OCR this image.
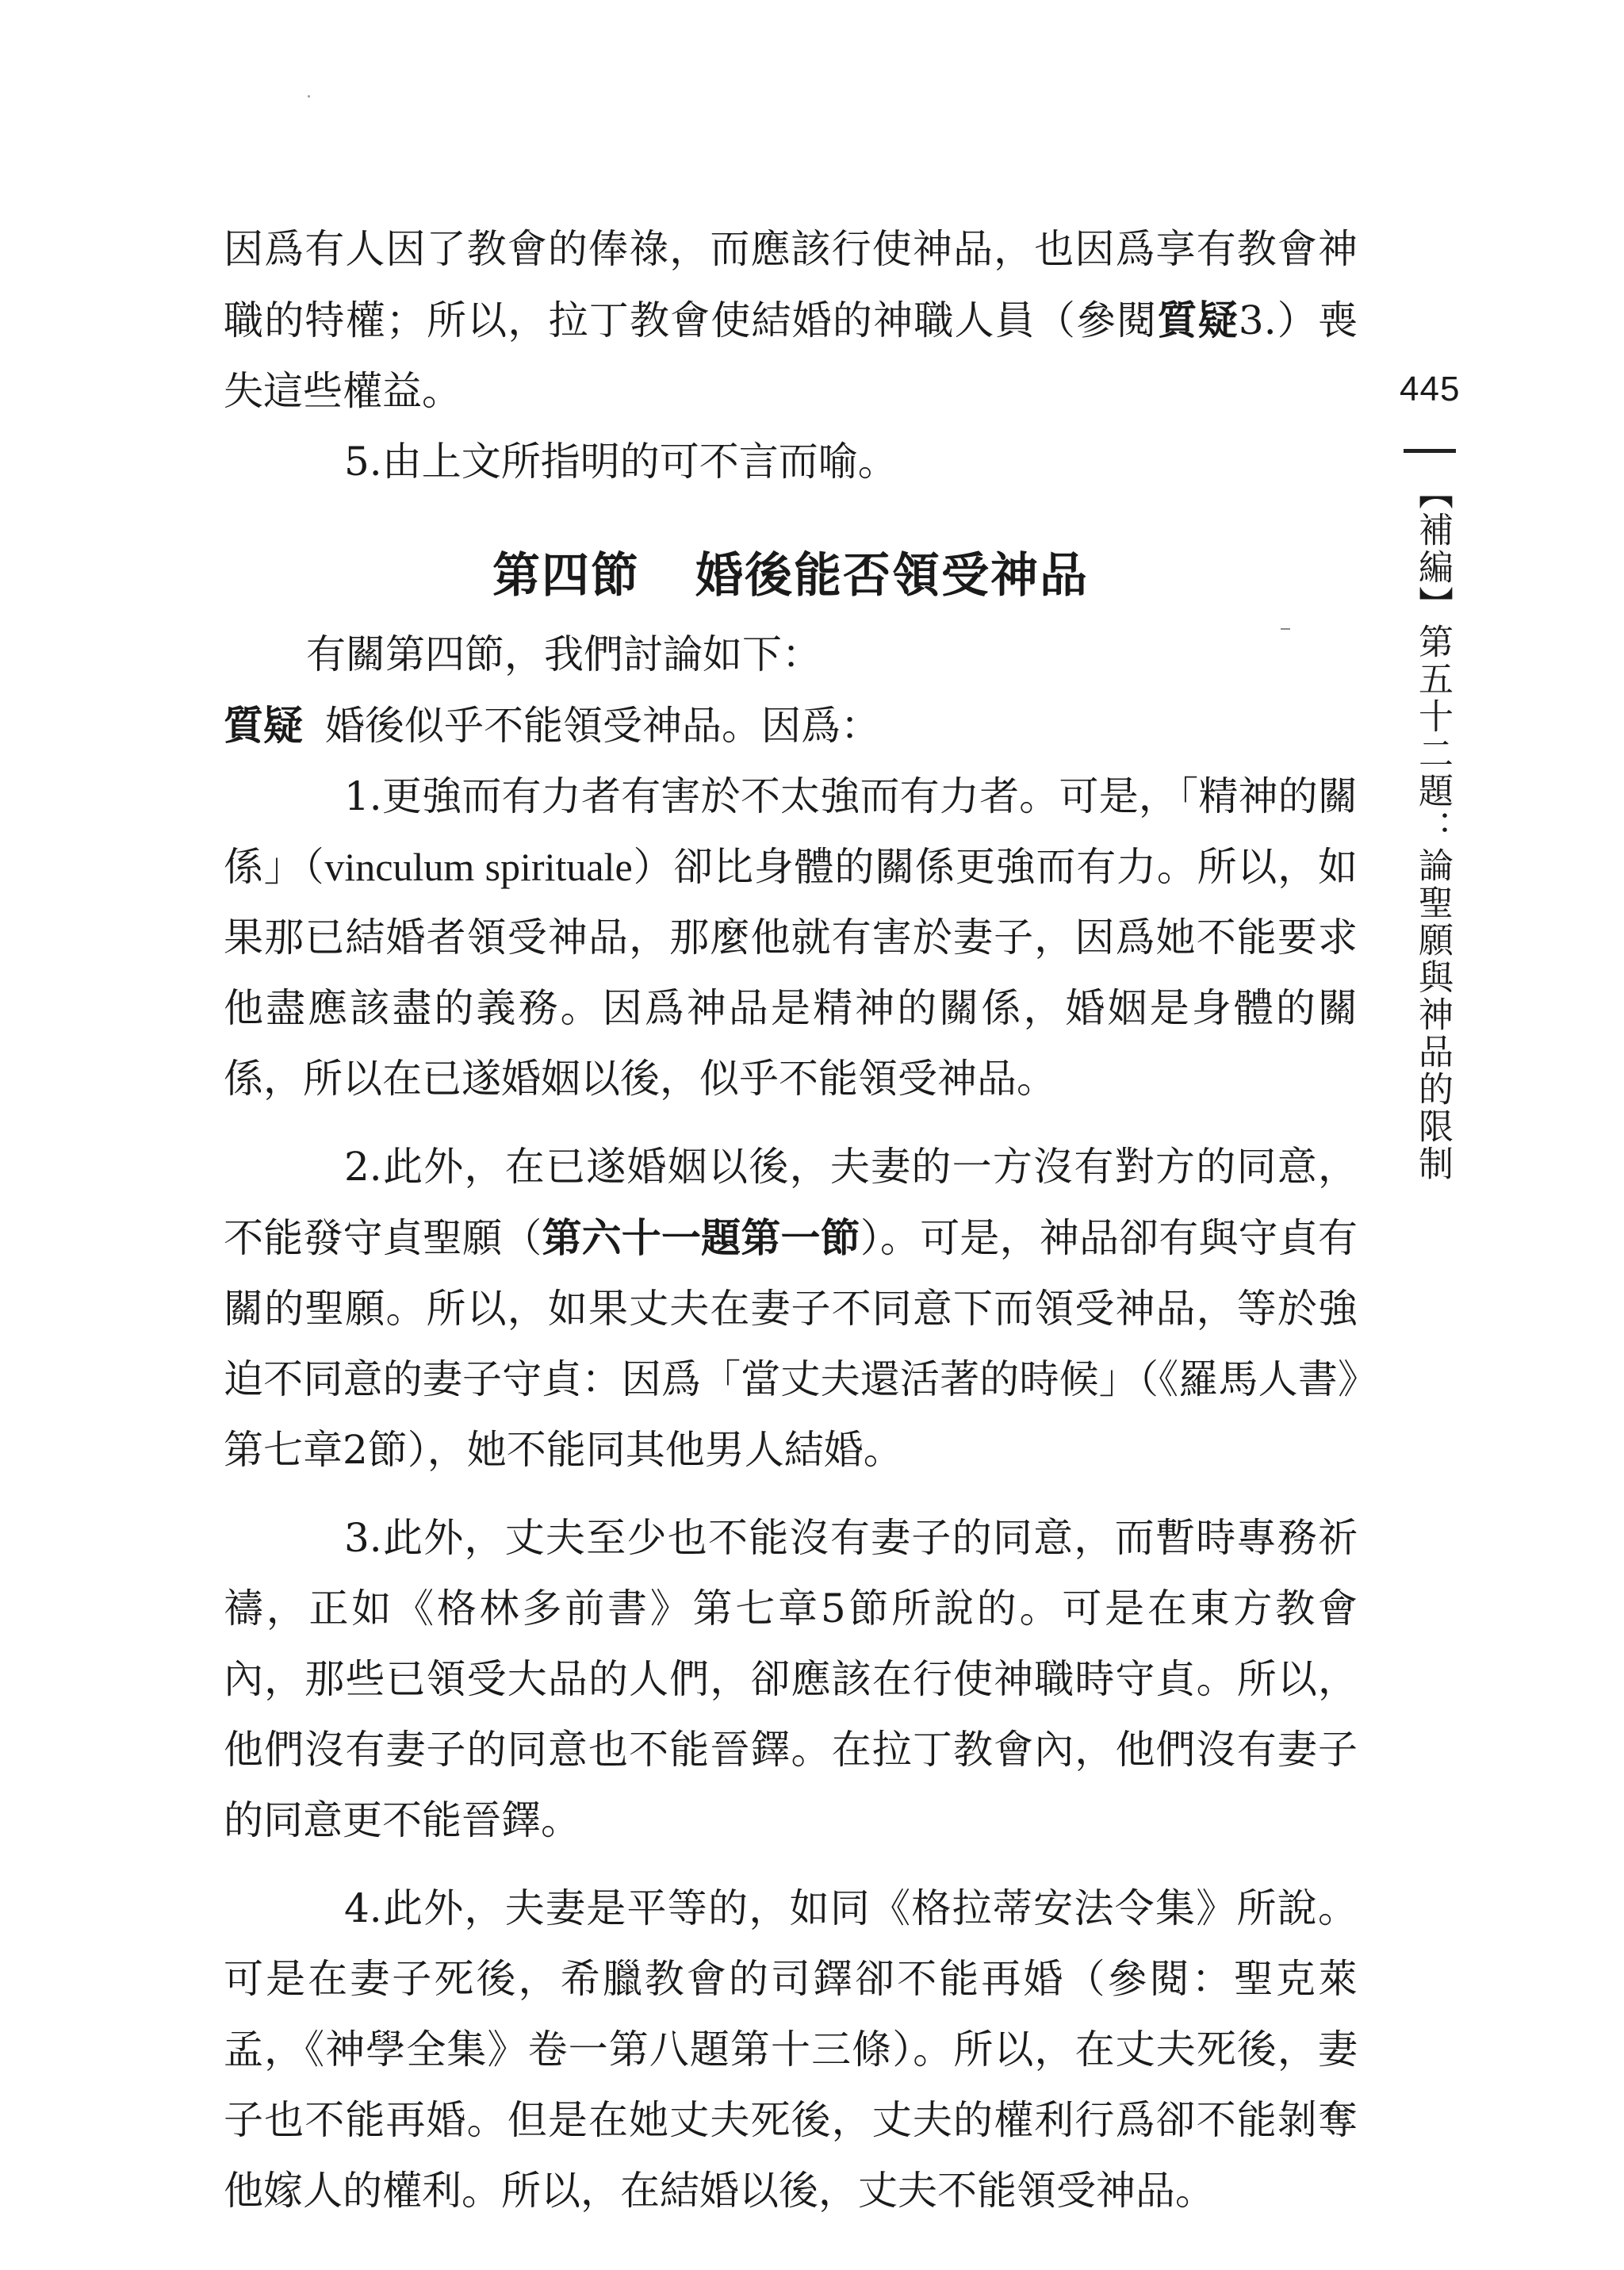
因爲有人因了教會的俸祿，而應該行使神品，也因爲享有教會神職的特權；所以，拉丁教會使結婚的神職人員（參閱質疑3.）喪失這些權益。

5.由上文所指明的可不言而喻。

第四節 婚後能否領受神品

有關第四節，我們討論如下：

質疑 婚後似乎不能領受神品。因爲：

1.更強而有力者有害於不太強而有力者。可是，「精神的關係」（vinculum spirituale）卻比身體的關係更強而有力。所以，如果那已結婚者領受神品，那麼他就有害於妻子，因爲她不能要求他盡應該盡的義務。因爲神品是精神的關係，婚姻是身體的關係，所以在已遂婚姻以後，似乎不能領受神品。

2.此外，在已遂婚姻以後，夫妻的一方沒有對方的同意，不能發守貞聖願（第六十一題第一節）。可是，神品卻有與守貞有關的聖願。所以，如果丈夫在妻子不同意下而領受神品，等於強迫不同意的妻子守貞：因爲「當丈夫還活著的時候」（《羅馬人書》第七章2節），她不能同其他男人結婚。

3.此外，丈夫至少也不能沒有妻子的同意，而暫時專務祈禱，正如《格林多前書》第七章5節所說的。可是在東方教會內，那些已領受大品的人們，卻應該在行使神職時守貞。所以，他們沒有妻子的同意也不能晉鐸。在拉丁教會內，他們沒有妻子的同意更不能晉鐸。

4.此外，夫妻是平等的，如同《格拉蒂安法令集》所說。可是在妻子死後，希臘教會的司鐸卻不能再婚（參閱：聖克萊孟，《神學全集》卷一第八題第十三條）。所以，在丈夫死後，妻子也不能再婚。但是在她丈夫死後，丈夫的權利行爲卻不能剝奪他嫁人的權利。所以，在結婚以後，丈夫不能領受神品。

445
【補編】第五十二題：論聖願與神品的限制
